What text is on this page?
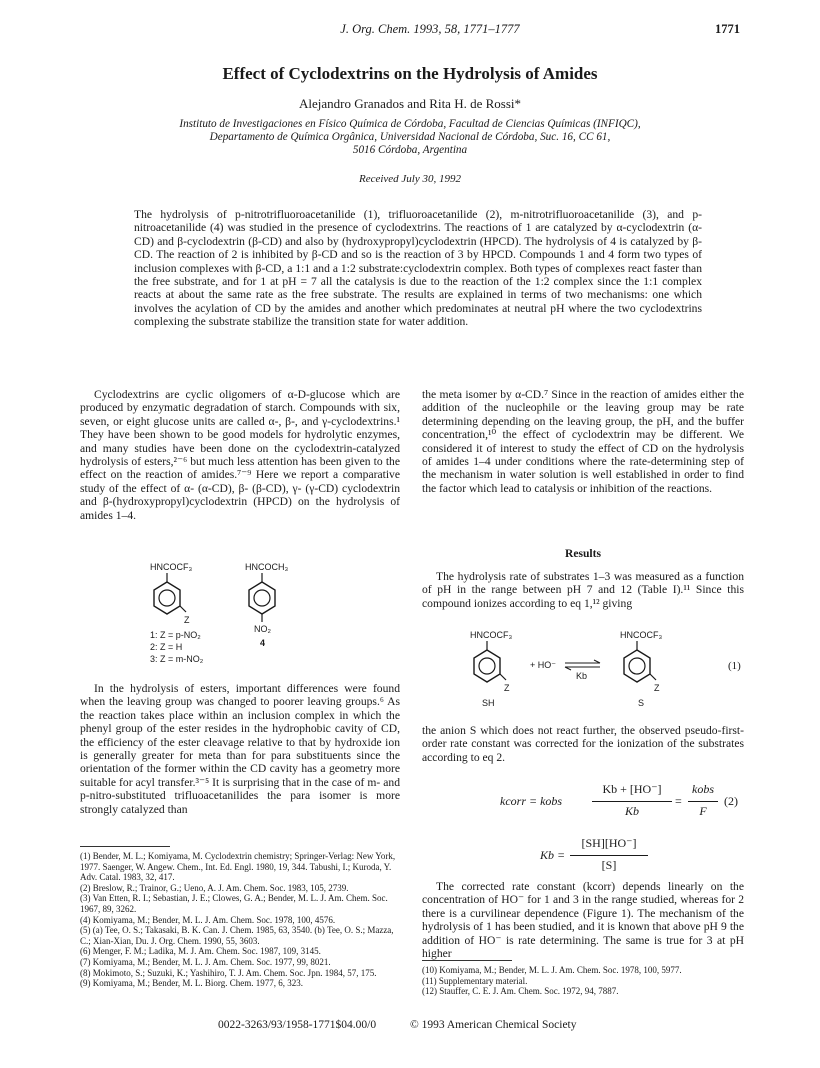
J. Org. Chem. 1993, 58, 1771–1777	1771
Effect of Cyclodextrins on the Hydrolysis of Amides
Alejandro Granados and Rita H. de Rossi*
Instituto de Investigaciones en Físico Química de Córdoba, Facultad de Ciencias Químicas (INFIQC),
Departamento de Química Orgânica, Universidad Nacional de Córdoba, Suc. 16, CC 61,
5016 Córdoba, Argentina
Received July 30, 1992
The hydrolysis of p-nitrotrifluoroacetanilide (1), trifluoroacetanilide (2), m-nitrotrifluoroacetanilide (3), and p-nitroacetanilide (4) was studied in the presence of cyclodextrins. The reactions of 1 are catalyzed by α-cyclodextrin (α-CD) and β-cyclodextrin (β-CD) and also by (hydroxypropyl)cyclodextrin (HPCD). The hydrolysis of 4 is catalyzed by β-CD. The reaction of 2 is inhibited by β-CD and so is the reaction of 3 by HPCD. Compounds 1 and 4 form two types of inclusion complexes with β-CD, a 1:1 and a 1:2 substrate:cyclodextrin complex. Both types of complexes react faster than the free substrate, and for 1 at pH = 7 all the catalysis is due to the reaction of the 1:2 complex since the 1:1 complex reacts at about the same rate as the free substrate. The results are explained in terms of two mechanisms: one which involves the acylation of CD by the amides and another which predominates at neutral pH where the two cyclodextrins complexing the substrate stabilize the transition state for water addition.

Cyclodextrins are cyclic oligomers of α-D-glucose which are produced by enzymatic degradation of starch. Compounds with six, seven, or eight glucose units are called α-, β-, and γ-cyclodextrins.¹ They have been shown to be good models for hydrolytic enzymes, and many studies have been done on the cyclodextrin-catalyzed hydrolysis of esters,²⁻⁶ but much less attention has been given to the effect on the reaction of amides.⁷⁻⁹ Here we report a comparative study of the effect of α- (α-CD), β- (β-CD), γ- (γ-CD) cyclodextrin and β-(hydroxypropyl)cyclodextrin (HPCD) on the hydrolysis of amides 1–4.

HNCOCF₃	HNCOCH₃
Z
NO₂
4
1: Z = p-NO₂
2: Z = H
3: Z = m-NO₂

In the hydrolysis of esters, important differences were found when the leaving group was changed to poorer leaving groups.⁶ As the reaction takes place within an inclusion complex in which the phenyl group of the ester resides in the hydrophobic cavity of CD, the efficiency of the ester cleavage relative to that by hydroxide ion is generally greater for meta than for para substituents since the orientation of the former within the CD cavity has a geometry more suitable for acyl transfer.³⁻⁵ It is surprising that in the case of m- and p-nitro-substituted trifluoacetanilides the para isomer is more strongly catalyzed than

(1) Bender, M. L.; Komiyama, M. Cyclodextrin chemistry; Springer-Verlag: New York, 1977. Saenger, W. Angew. Chem., Int. Ed. Engl. 1980, 19, 344. Tabushi, I.; Kuroda, Y. Adv. Catal. 1983, 32, 417.
(2) Breslow, R.; Trainor, G.; Ueno, A. J. Am. Chem. Soc. 1983, 105, 2739.
(3) Van Etten, R. I.; Sebastian, J. E.; Clowes, G. A.; Bender, M. L. J. Am. Chem. Soc. 1967, 89, 3262.
(4) Komiyama, M.; Bender, M. L. J. Am. Chem. Soc. 1978, 100, 4576.
(5) (a) Tee, O. S.; Takasaki, B. K. Can. J. Chem. 1985, 63, 3540. (b) Tee, O. S.; Mazza, C.; Xian-Xian, Du. J. Org. Chem. 1990, 55, 3603.
(6) Menger, F. M.; Ladika, M. J. Am. Chem. Soc. 1987, 109, 3145.
(7) Komiyama, M.; Bender, M. L. J. Am. Chem. Soc. 1977, 99, 8021.
(8) Mokimoto, S.; Suzuki, K.; Yashihiro, T. J. Am. Chem. Soc. Jpn. 1984, 57, 175.
(9) Komiyama, M.; Bender, M. L. Biorg. Chem. 1977, 6, 323.

the meta isomer by α-CD.⁷ Since in the reaction of amides either the addition of the nucleophile or the leaving group may be rate determining depending on the leaving group, the pH, and the buffer concentration,¹⁰ the effect of cyclodextrin may be different. We considered it of interest to study the effect of CD on the hydrolysis of amides 1–4 under conditions where the rate-determining step of the mechanism in water solution is well established in order to find the factor which lead to catalysis or inhibition of the reactions.

Results

The hydrolysis rate of substrates 1–3 was measured as a function of pH in the range between pH 7 and 12 (Table I).¹¹ Since this compound ionizes according to eq 1,¹² giving

HNCOCF₃	HNCOCF₃
Z
SH
+ HO⁻
Kb
Z
S
(1)

the anion S which does not react further, the observed pseudo-first-order rate constant was corrected for the ionization of the substrates according to eq 2.

kcorr = kobs
Kb + [HO⁻]
Kb
=
kobs
F
(2)
Kb =
[SH][HO⁻]
[S]

The corrected rate constant (kcorr) depends linearly on the concentration of HO⁻ for 1 and 3 in the range studied, whereas for 2 there is a curvilinear dependence (Figure 1). The mechanism of the hydrolysis of 1 has been studied, and it is known that above pH 9 the addition of HO⁻ is rate determining. The same is true for 3 at pH higher

(10) Komiyama, M.; Bender, M. L. J. Am. Chem. Soc. 1978, 100, 5977.
(11) Supplementary material.
(12) Stauffer, C. E. J. Am. Chem. Soc. 1972, 94, 7887.
0022-3263/93/1958-1771$04.00/0	© 1993 American Chemical Society
